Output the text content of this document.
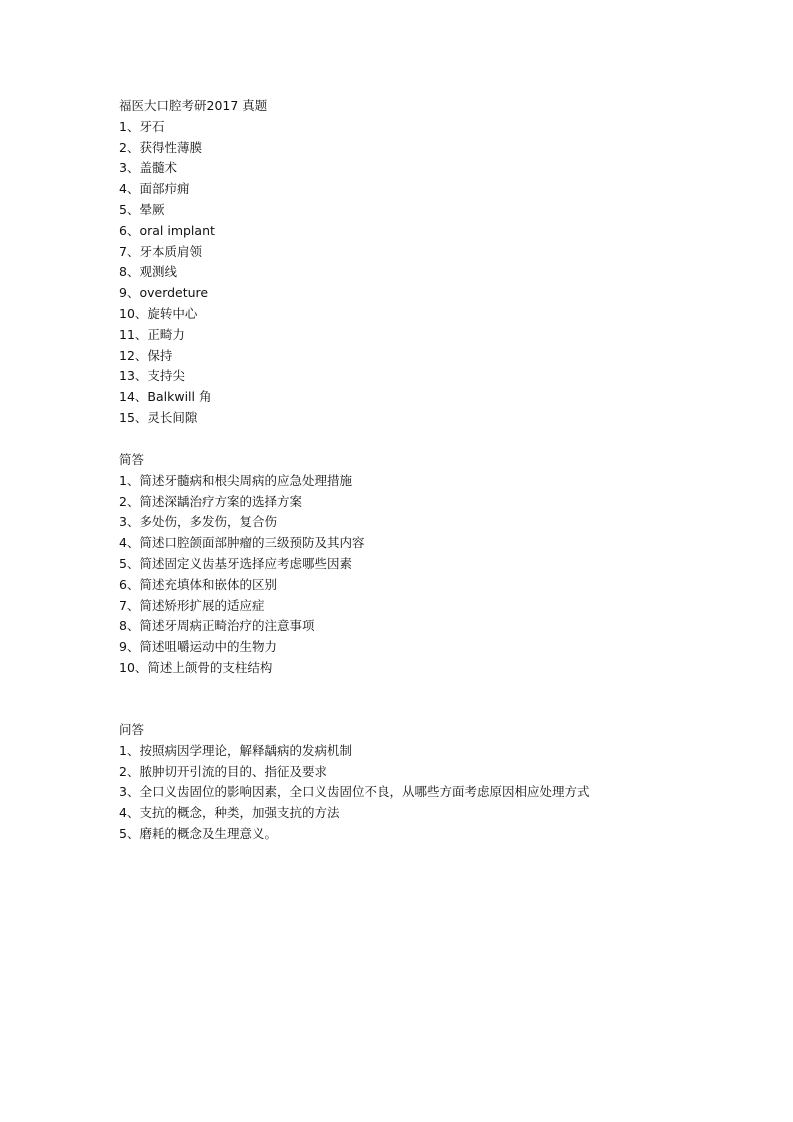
福医大口腔考研2017 真题
1、牙石
2、获得性薄膜
3、盖髓术
4、面部疖痈
5、晕厥
6、oral implant
7、牙本质肩领
8、观测线
9、overdeture
10、旋转中心
11、正畸力
12、保持
13、支持尖
14、Balkwill 角
15、灵长间隙
简答
1、简述牙髓病和根尖周病的应急处理措施
2、简述深龋治疗方案的选择方案
3、多处伤，多发伤，复合伤
4、简述口腔颌面部肿瘤的三级预防及其内容
5、简述固定义齿基牙选择应考虑哪些因素
6、简述充填体和嵌体的区别
7、简述矫形扩展的适应症
8、简述牙周病正畸治疗的注意事项
9、简述咀嚼运动中的生物力
10、简述上颌骨的支柱结构
问答
1、按照病因学理论，解释龋病的发病机制
2、脓肿切开引流的目的、指征及要求
3、全口义齿固位的影响因素，全口义齿固位不良，从哪些方面考虑原因相应处理方式
4、支抗的概念，种类，加强支抗的方法
5、磨耗的概念及生理意义。
